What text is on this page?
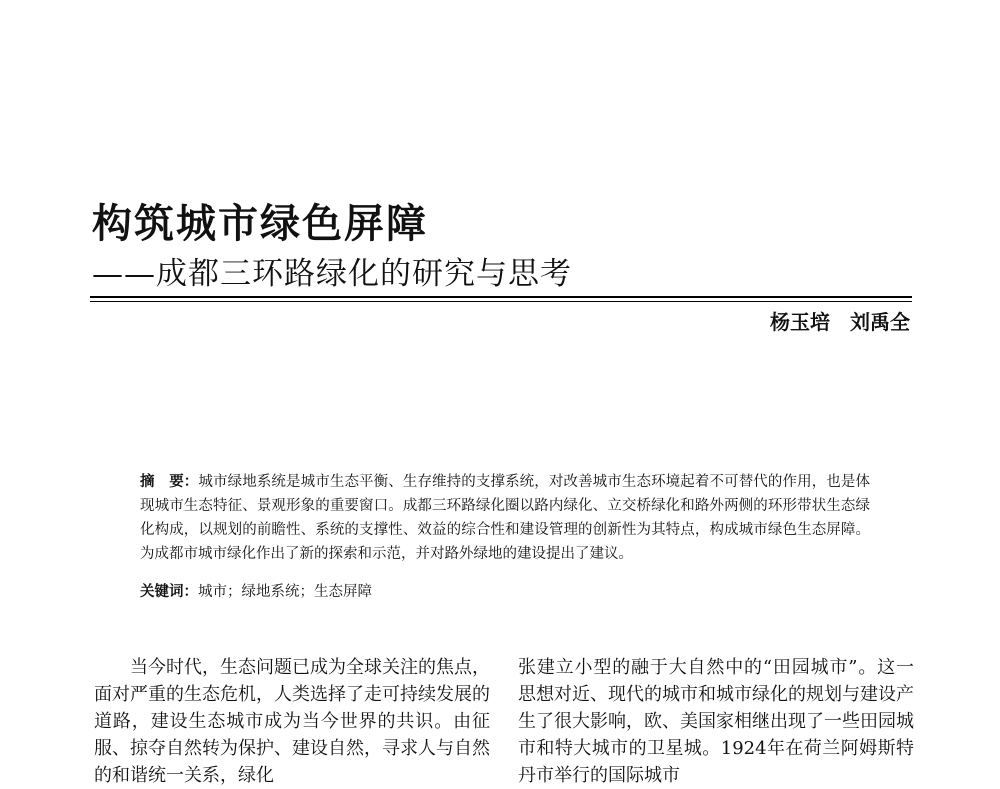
构筑城市绿色屏障
——成都三环路绿化的研究与思考
杨玉培　刘禹全
摘　要：城市绿地系统是城市生态平衡、生存维持的支撑系统，对改善城市生态环境起着不可替代的作用，也是体现城市生态特征、景观形象的重要窗口。成都三环路绿化圈以路内绿化、立交桥绿化和路外两侧的环形带状生态绿化构成，以规划的前瞻性、系统的支撑性、效益的综合性和建设管理的创新性为其特点，构成城市绿色生态屏障。为成都市城市绿化作出了新的探索和示范，并对路外绿地的建设提出了建议。
关键词：城市；绿地系统；生态屏障
当今时代，生态问题已成为全球关注的焦点，面对严重的生态危机，人类选择了走可持续发展的道路，建设生态城市成为当今世界的共识。由征服、掠夺自然转为保护、建设自然，寻求人与自然的和谐统一关系，绿化
张建立小型的融于大自然中的“田园城市”。这一思想对近、现代的城市和城市绿化的规划与建设产生了很大影响，欧、美国家相继出现了一些田园城市和特大城市的卫星城。1924年在荷兰阿姆斯特丹市举行的国际城市
